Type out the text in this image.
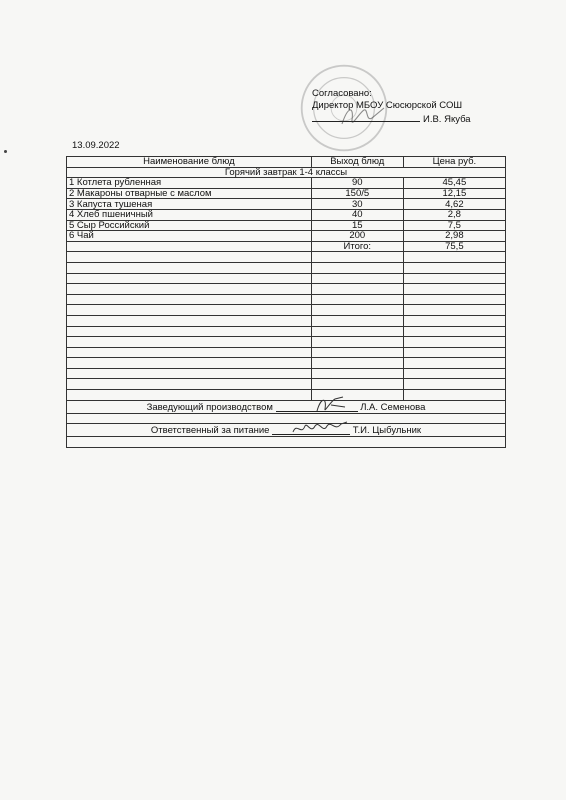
Согласовано:
Директор МБОУ Сюсюрской СОШ
И.В. Якуба
13.09.2022
Наименование блюд	Выход блюд	Цена руб.
Горячий завтрак 1-4 классы		
1 Котлета рубленная	90	45,45
2 Макароны отварные с маслом	150/5	12,15
3 Капуста тушеная	30	4,62
4 Хлеб пшеничный	40	2,8
5 Сыр Российский	15	7,5
6 Чай	200	2,98
	Итого:	75,5

Заведующий производством Л.А. Семенова		

Ответственный за питание Т.И. Цыбульник		
